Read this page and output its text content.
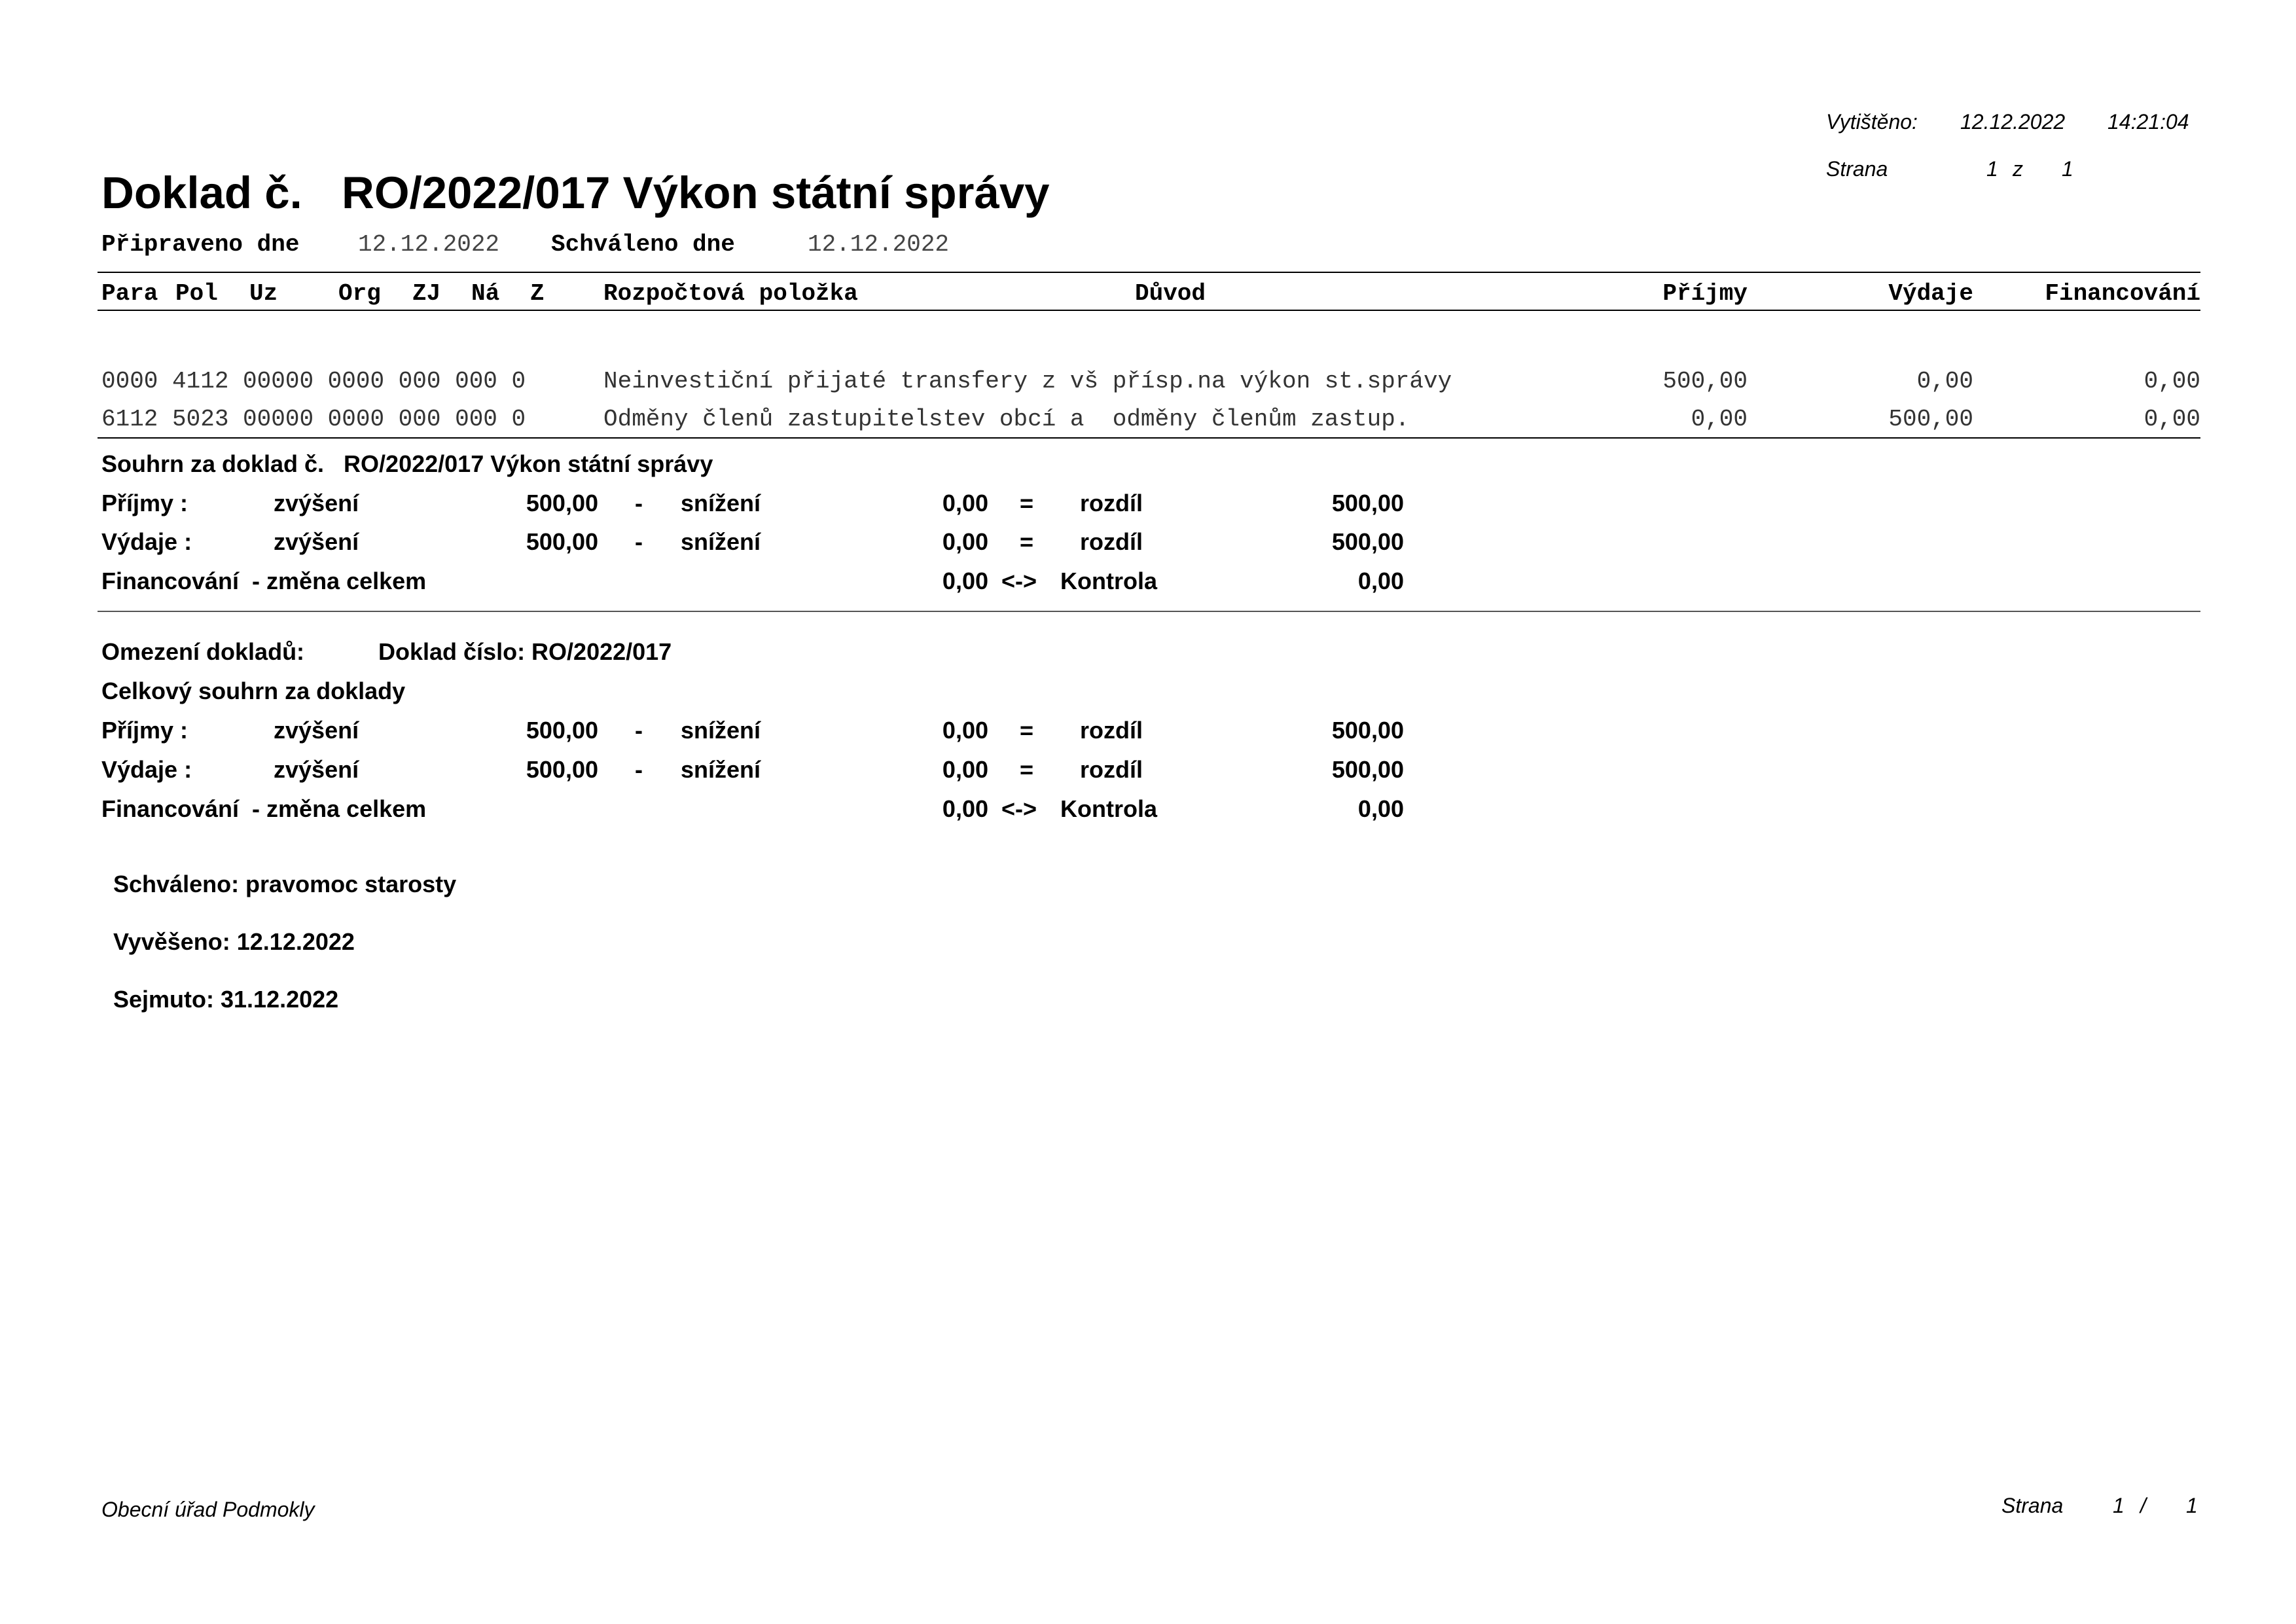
Vytištěno: 12.12.2022 14:21:04
Strana	1 z 1
Doklad č. RO/2022/017 Výkon státní správy
Připraveno dne 12.12.2022 Schváleno dne	12.12.2022
Para Pol Uz	Org ZJ Ná Z	Rozpočtová položka	Důvod	Příjmy	Výdaje	Financování
0000 4112 00000 0000 000 000 0	Neinvestiční přijaté transfery z vš přísp.na výkon st.správy	500,00	0,00	0,00
6112 5023 00000 0000 000 000 0	Odměny členů zastupitelstev obcí a  odměny členům zastup.	0,00	500,00	0,00
Souhrn za doklad č.   RO/2022/017 Výkon státní správy
Příjmy :	zvýšení	500,00 - snížení	0,00 = rozdíl	500,00
Výdaje :	zvýšení	500,00 - snížení	0,00 = rozdíl	500,00
Financování  - změna celkem	0,00 <-> Kontrola	0,00
Omezení dokladů:	Doklad číslo: RO/2022/017
Celkový souhrn za doklady
Příjmy :	zvýšení	500,00 - snížení	0,00 = rozdíl	500,00
Výdaje :	zvýšení	500,00 - snížení	0,00 = rozdíl	500,00
Financování  - změna celkem	0,00 <-> Kontrola	0,00
Schváleno: pravomoc starosty
Vyvěšeno: 12.12.2022
Sejmuto: 31.12.2022
Obecní úřad Podmokly	Strana 1 / 1
